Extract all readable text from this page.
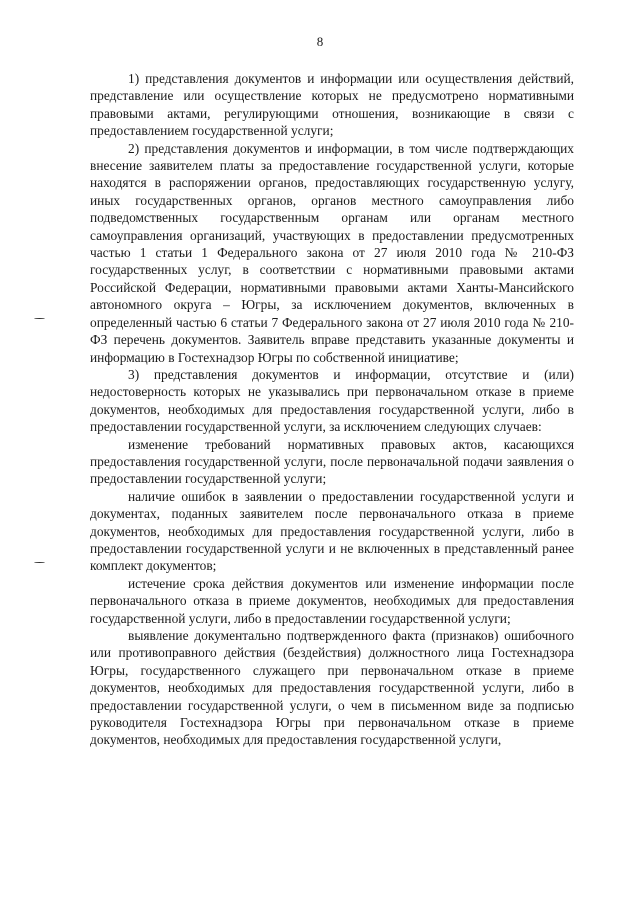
8

1) представления документов и информации или осуществления действий, представление или осуществление которых не предусмотрено нормативными правовыми актами, регулирующими отношения, возникающие в связи с предоставлением государственной услуги;

2) представления документов и информации, в том числе подтверждающих внесение заявителем платы за предоставление государственной услуги, которые находятся в распоряжении органов, предоставляющих государственную услугу, иных государственных органов, органов местного самоуправления либо подведомственных государственным органам или органам местного самоуправления организаций, участвующих в предоставлении предусмотренных частью 1 статьи 1 Федерального закона от 27 июля 2010 года № 210-ФЗ государственных услуг, в соответствии с нормативными правовыми актами Российской Федерации, нормативными правовыми актами Ханты-Мансийского автономного округа – Югры, за исключением документов, включенных в определенный частью 6 статьи 7 Федерального закона от 27 июля 2010 года № 210-ФЗ перечень документов. Заявитель вправе представить указанные документы и информацию в Гостехнадзор Югры по собственной инициативе;

3) представления документов и информации, отсутствие и (или) недостоверность которых не указывались при первоначальном отказе в приеме документов, необходимых для предоставления государственной услуги, либо в предоставлении государственной услуги, за исключением следующих случаев:

изменение требований нормативных правовых актов, касающихся предоставления государственной услуги, после первоначальной подачи заявления о предоставлении государственной услуги;

наличие ошибок в заявлении о предоставлении государственной услуги и документах, поданных заявителем после первоначального отказа в приеме документов, необходимых для предоставления государственной услуги, либо в предоставлении государственной услуги и не включенных в представленный ранее комплект документов;

истечение срока действия документов или изменение информации после первоначального отказа в приеме документов, необходимых для предоставления государственной услуги, либо в предоставлении государственной услуги;

выявление документально подтвержденного факта (признаков) ошибочного или противоправного действия (бездействия) должностного лица Гостехнадзора Югры, государственного служащего при первоначальном отказе в приеме документов, необходимых для предоставления государственной услуги, либо в предоставлении государственной услуги, о чем в письменном виде за подписью руководителя Гостехнадзора Югры при первоначальном отказе в приеме документов, необходимых для предоставления государственной услуги,
